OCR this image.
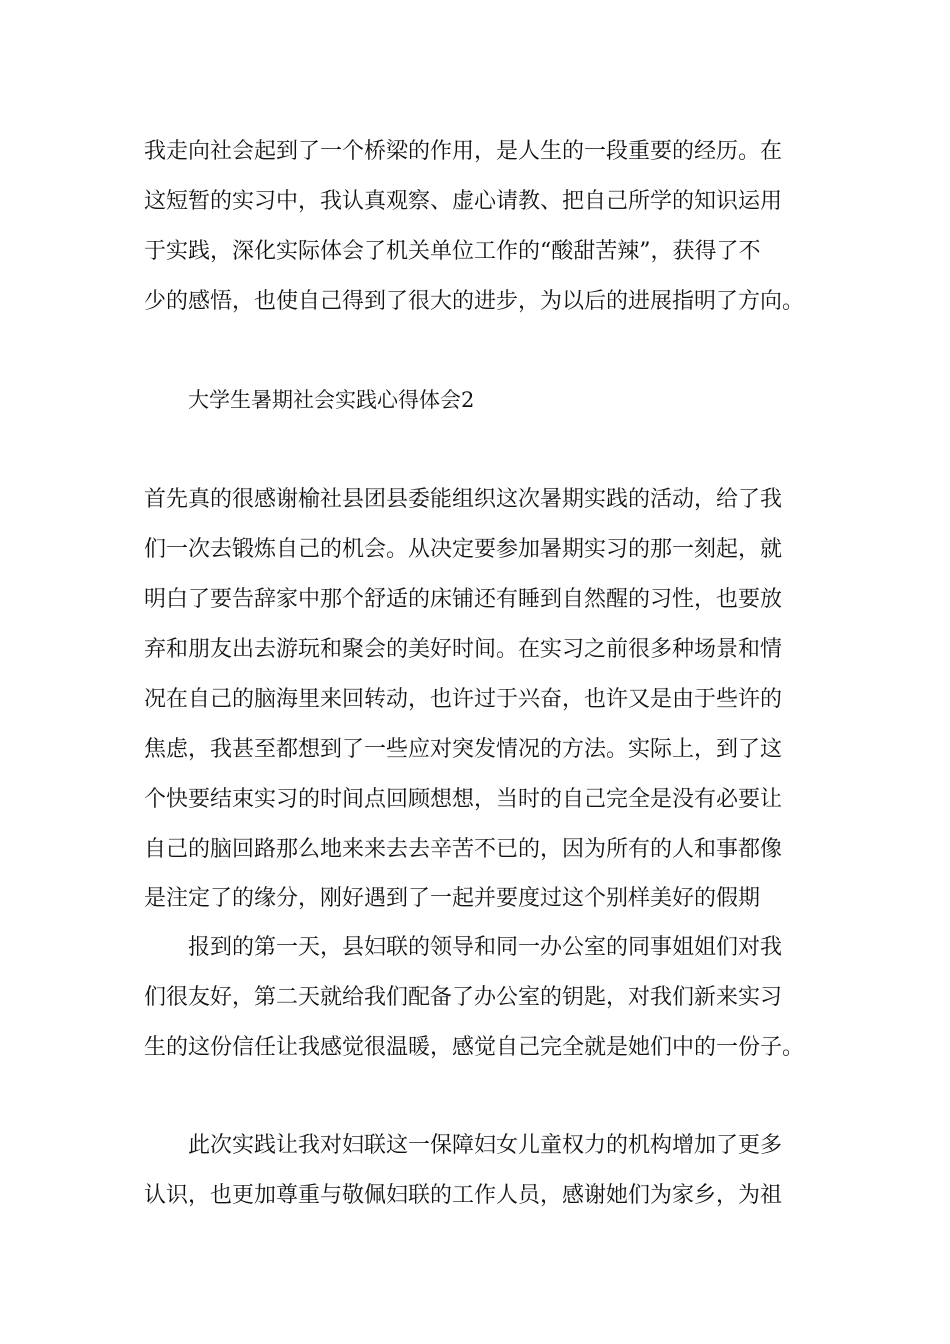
我走向社会起到了一个桥梁的作用，是人生的一段重要的经历。在
这短暂的实习中，我认真观察、虚心请教、把自己所学的知识运用
于实践，深化实际体会了机关单位工作的“酸甜苦辣”，获得了不
少的感悟，也使自己得到了很大的进步，为以后的进展指明了方向。
大学生暑期社会实践心得体会2
首先真的很感谢榆社县团县委能组织这次暑期实践的活动，给了我
们一次去锻炼自己的机会。从决定要参加暑期实习的那一刻起，就
明白了要告辞家中那个舒适的床铺还有睡到自然醒的习性，也要放
弃和朋友出去游玩和聚会的美好时间。在实习之前很多种场景和情
况在自己的脑海里来回转动，也许过于兴奋，也许又是由于些许的
焦虑，我甚至都想到了一些应对突发情况的方法。实际上，到了这
个快要结束实习的时间点回顾想想，当时的自己完全是没有必要让
自己的脑回路那么地来来去去辛苦不已的，因为所有的人和事都像
是注定了的缘分，刚好遇到了一起并要度过这个别样美好的假期
报到的第一天，县妇联的领导和同一办公室的同事姐姐们对我
们很友好，第二天就给我们配备了办公室的钥匙，对我们新来实习
生的这份信任让我感觉很温暖，感觉自己完全就是她们中的一份子。
此次实践让我对妇联这一保障妇女儿童权力的机构增加了更多
认识，也更加尊重与敬佩妇联的工作人员，感谢她们为家乡，为祖
